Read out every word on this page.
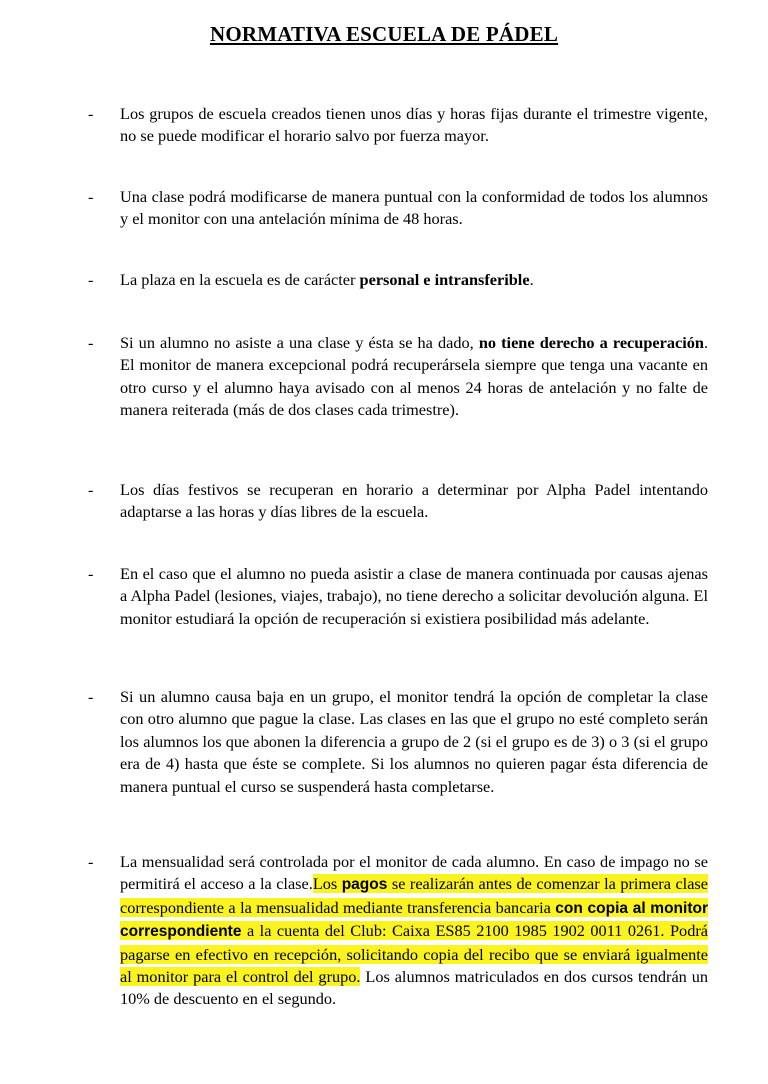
NORMATIVA ESCUELA DE PÁDEL
-	Los grupos de escuela creados tienen unos días y horas fijas durante el trimestre vigente, no se puede modificar el horario salvo por fuerza mayor.
-	Una clase podrá modificarse de manera puntual con la conformidad de todos los alumnos y el monitor con una antelación mínima de 48 horas.
-	La plaza en la escuela es de carácter personal e intransferible.
-	Si un alumno no asiste a una clase y ésta se ha dado, no tiene derecho a recuperación. El monitor de manera excepcional podrá recuperársela siempre que tenga una vacante en otro curso y el alumno haya avisado con al menos 24 horas de antelación y no falte de manera reiterada (más de dos clases cada trimestre).
-	Los días festivos se recuperan en horario a determinar por Alpha Padel intentando adaptarse a las horas y días libres de la escuela.
-	En el caso que el alumno no pueda asistir a clase de manera continuada por causas ajenas a Alpha Padel (lesiones, viajes, trabajo), no tiene derecho a solicitar devolución alguna. El monitor estudiará la opción de recuperación si existiera posibilidad más adelante.
-	Si un alumno causa baja en un grupo, el monitor tendrá la opción de completar la clase con otro alumno que pague la clase. Las clases en las que el grupo no esté completo serán los alumnos los que abonen la diferencia a grupo de 2 (si el grupo es de 3) o 3 (si el grupo era de 4) hasta que éste se complete. Si los alumnos no quieren pagar ésta diferencia de manera puntual el curso se suspenderá hasta completarse.
-	La mensualidad será controlada por el monitor de cada alumno. En caso de impago no se permitirá el acceso a la clase.Los pagos se realizarán antes de comenzar la primera clase correspondiente a la mensualidad mediante transferencia bancaria con copia al monitor correspondiente a la cuenta del Club: Caixa ES85 2100 1985 1902 0011 0261. Podrá pagarse en efectivo en recepción, solicitando copia del recibo que se enviará igualmente al monitor para el control del grupo. Los alumnos matriculados en dos cursos tendrán un 10% de descuento en el segundo.
